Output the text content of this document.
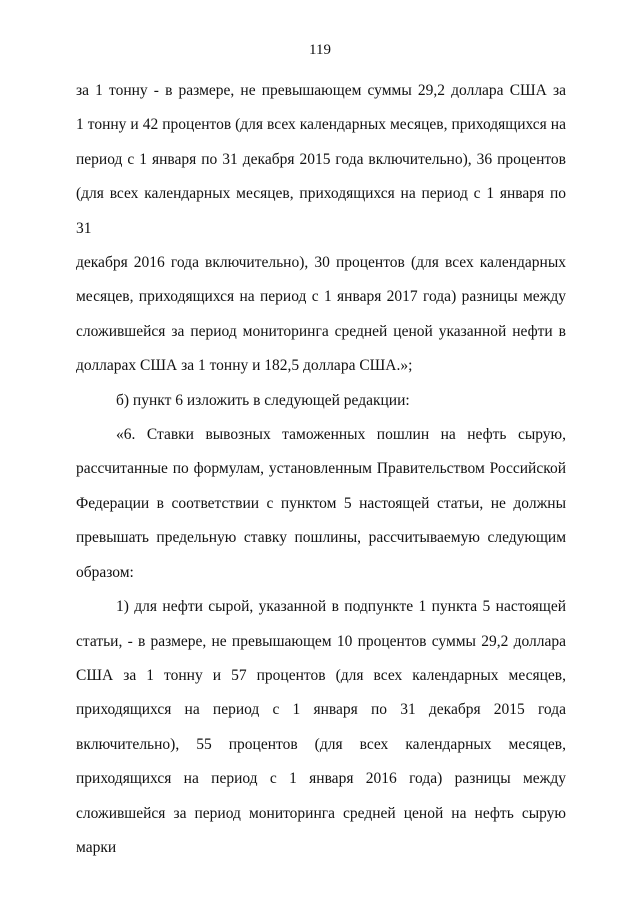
119
за 1 тонну - в размере, не превышающем суммы 29,2 доллара США за
1 тонну и 42 процентов (для всех календарных месяцев, приходящихся на
период с 1 января по 31 декабря 2015 года включительно), 36 процентов
(для всех календарных месяцев, приходящихся на период с 1 января по 31
декабря 2016 года включительно), 30 процентов (для всех календарных
месяцев, приходящихся на период с 1 января 2017 года) разницы между
сложившейся за период мониторинга средней ценой указанной нефти в
долларах США за 1 тонну и 182,5 доллара США.»;
б) пункт 6 изложить в следующей редакции:
«6. Ставки вывозных таможенных пошлин на нефть сырую,
рассчитанные по формулам, установленным Правительством Российской
Федерации в соответствии с пунктом 5 настоящей статьи, не должны
превышать предельную ставку пошлины, рассчитываемую следующим
образом:
1) для нефти сырой, указанной в подпункте 1 пункта 5 настоящей
статьи, - в размере, не превышающем 10 процентов суммы 29,2 доллара
США за 1 тонну и 57 процентов (для всех календарных месяцев,
приходящихся на период с 1 января по 31 декабря 2015 года
включительно), 55 процентов (для всех календарных месяцев,
приходящихся на период с 1 января 2016 года) разницы между
сложившейся за период мониторинга средней ценой на нефть сырую марки
